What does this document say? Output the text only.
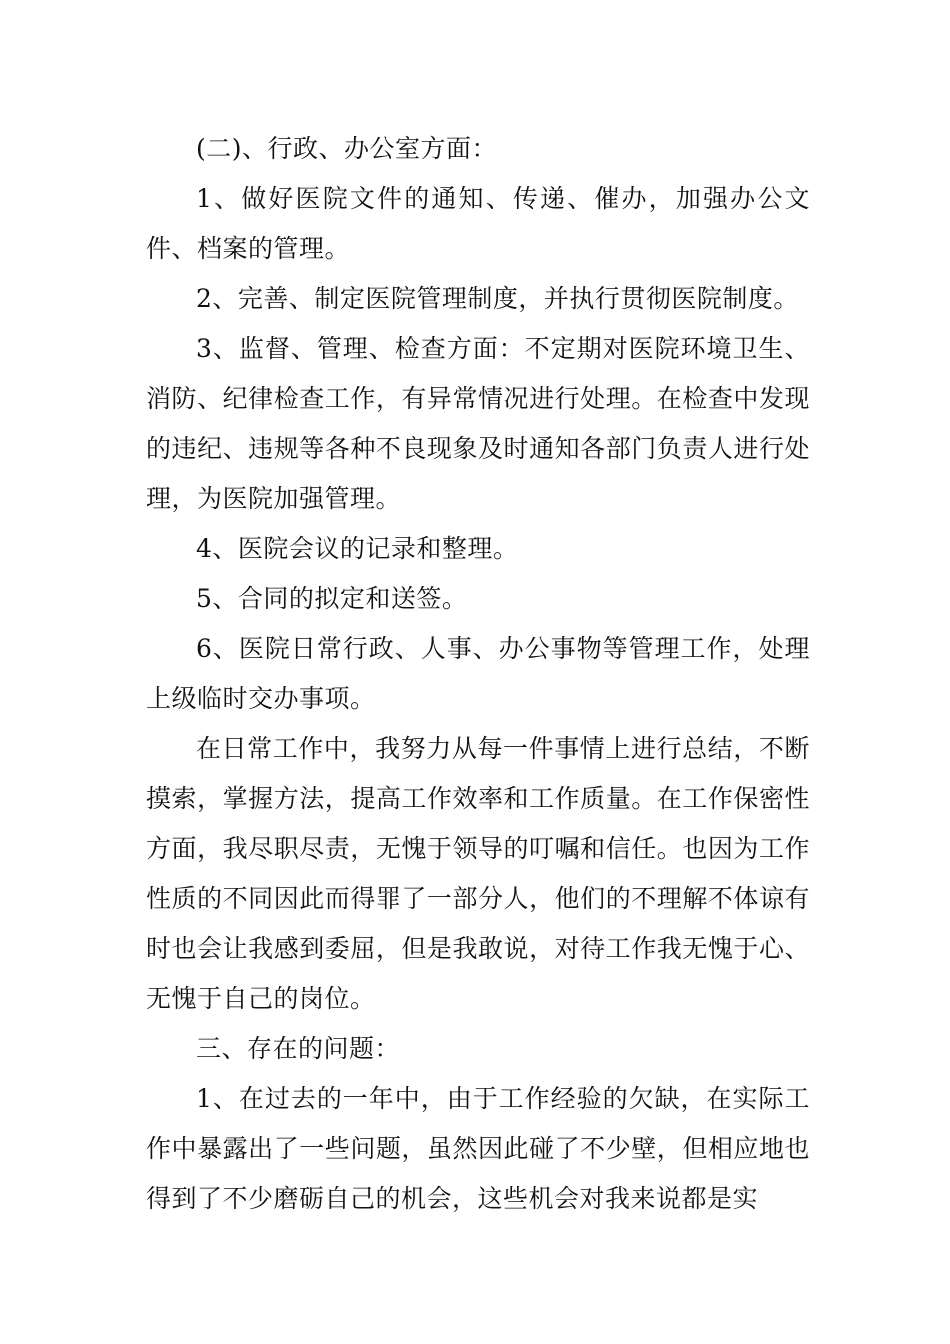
(二)、行政、办公室方面：

1、做好医院文件的通知、传递、催办，加强办公文件、档案的管理。

2、完善、制定医院管理制度，并执行贯彻医院制度。

3、监督、管理、检查方面：不定期对医院环境卫生、消防、纪律检查工作，有异常情况进行处理。在检查中发现的违纪、违规等各种不良现象及时通知各部门负责人进行处理，为医院加强管理。

4、医院会议的记录和整理。

5、合同的拟定和送签。

6、医院日常行政、人事、办公事物等管理工作，处理上级临时交办事项。

在日常工作中，我努力从每一件事情上进行总结，不断摸索，掌握方法，提高工作效率和工作质量。在工作保密性方面，我尽职尽责，无愧于领导的叮嘱和信任。也因为工作性质的不同因此而得罪了一部分人，他们的不理解不体谅有时也会让我感到委屈，但是我敢说，对待工作我无愧于心、无愧于自己的岗位。

三、存在的问题：

1、在过去的一年中，由于工作经验的欠缺，在实际工作中暴露出了一些问题，虽然因此碰了不少壁，但相应地也得到了不少磨砺自己的机会，这些机会对我来说都是实
